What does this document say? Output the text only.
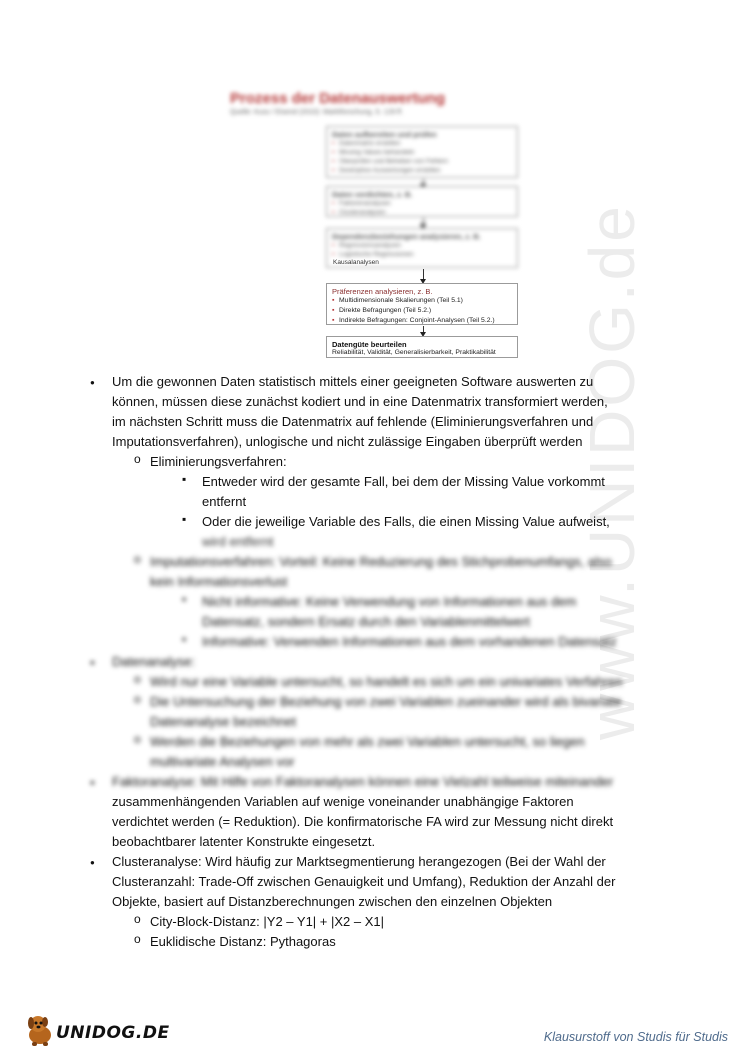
Prozess der Datenauswertung
Quelle: Kuss / Eisend (2010): Marktforschung, S. 129 ff.
Daten aufbereiten und prüfen
▪ Datenmatrix erstellen
▪ Missing Values behandeln
▪ Überprüfen und Beheben von Fehlern
▪ Deskriptive Auswertungen erstellen
Daten verdichten, z. B.
▪ Faktorenanalysen
▪ Clusteranalysen
Dependenzbeziehungen analysieren, z. B.
▪ Regressionsanalysen
▪ Logistische Regressionen
Kausalanalysen
Präferenzen analysieren, z. B.
▪ Multidimensionale Skalierungen (Teil 5.1)
▪ Direkte Befragungen (Teil 5.2.)
▪ Indirekte Befragungen: Conjoint-Analysen (Teil 5.2.)
Datengüte beurteilen
Reliabilität, Validität, Generalisierbarkeit, Praktikabilität www.UNIDOG.de
●
Um die gewonnen Daten statistisch mittels einer geeigneten Software auswerten zu
können, müssen diese zunächst kodiert und in eine Datenmatrix transformiert werden,
im nächsten Schritt muss die Datenmatrix auf fehlende (Eliminierungsverfahren und
Imputationsverfahren), unlogische und nicht zulässige Eingaben überprüft werden
o
Eliminierungsverfahren:
▪
Entweder wird der gesamte Fall, bei dem der Missing Value vorkommt
entfernt
▪
Oder die jeweilige Variable des Falls, die einen Missing Value aufweist,
wird entfernt
o
Imputationsverfahren: Vorteil: Keine Reduzierung des Stichprobenumfangs, also
kein Informationsverlust
▪
Nicht informative: Keine Verwendung von Informationen aus dem
Datensatz, sondern Ersatz durch den Variablenmittelwert
▪
Informative: Verwenden Informationen aus dem vorhandenen Datensatz
●
Datenanalyse:
o
Wird nur eine Variable untersucht, so handelt es sich um ein univariates Verfahren
o
Die Untersuchung der Beziehung von zwei Variablen zueinander wird als bivariate
Datenanalyse bezeichnet
o
Werden die Beziehungen von mehr als zwei Variablen untersucht, so liegen
multivariate Analysen vor
●
Faktoranalyse: Mit Hilfe von Faktoranalysen können eine Vielzahl teilweise miteinander
zusammenhängenden Variablen auf wenige voneinander unabhängige Faktoren
verdichtet werden (= Reduktion). Die konfirmatorische FA wird zur Messung nicht direkt
beobachtbarer latenter Konstrukte eingesetzt.
●
Clusteranalyse: Wird häufig zur Marktsegmentierung herangezogen (Bei der Wahl der
Clusteranzahl: Trade-Off zwischen Genauigkeit und Umfang), Reduktion der Anzahl der
Objekte, basiert auf Distanzberechnungen zwischen den einzelnen Objekten
o
City-Block-Distanz: |Y2 – Y1| + |X2 – X1|
o
Euklidische Distanz: Pythagoras
UNIDOG.DE	Klausurstoff von Studis für Studis
